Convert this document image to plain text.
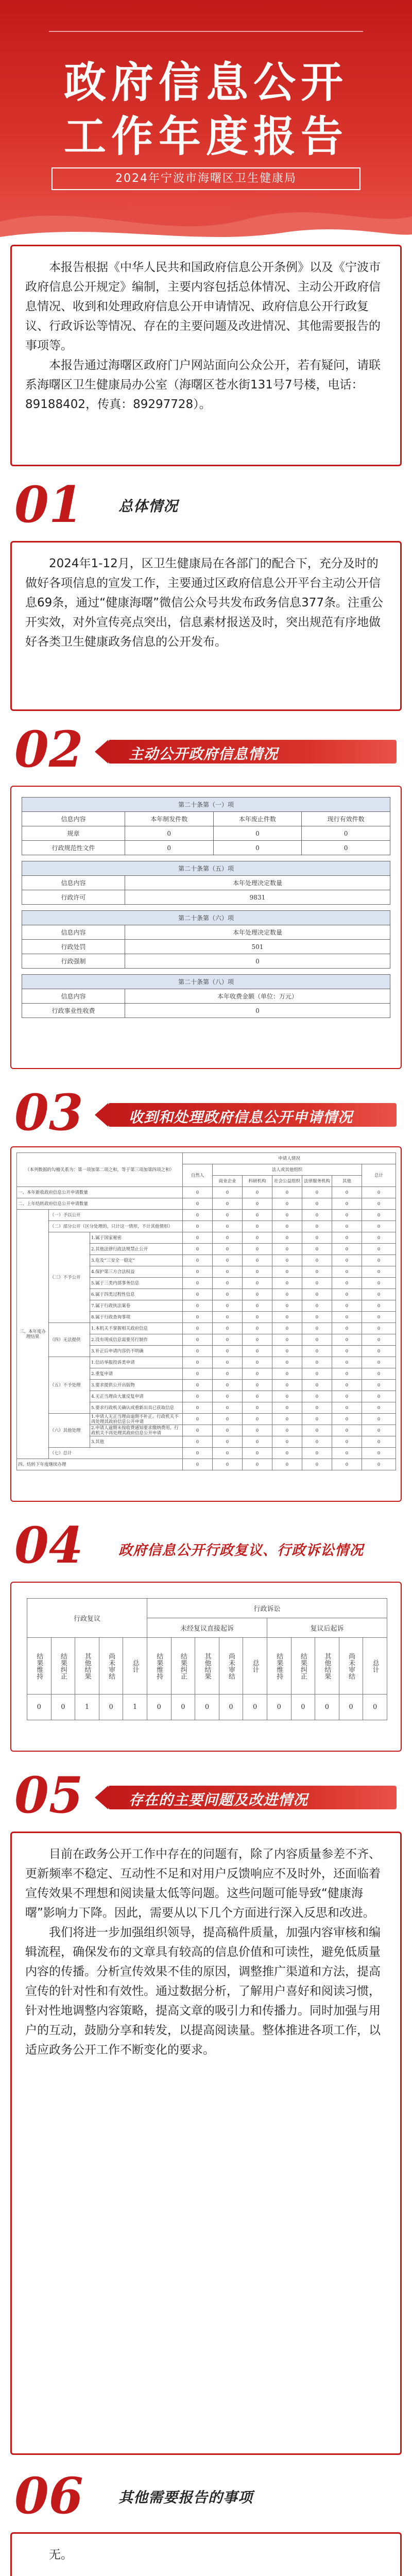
政府信息公开
工作年度报告
2024年宁波市海曙区卫生健康局

本报告根据《中华人民共和国政府信息公开条例》以及《宁波市政府信息公开规定》编制，主要内容包括总体情况、主动公开政府信息情况、收到和处理政府信息公开申请情况、政府信息公开行政复议、行政诉讼等情况、存在的主要问题及改进情况、其他需要报告的事项等。

本报告通过海曙区政府门户网站面向公众公开，若有疑问，请联系海曙区卫生健康局办公室（海曙区苍水街131号7号楼，电话：89188402，传真：89297728）。

01 总体情况

2024年1-12月，区卫生健康局在各部门的配合下，充分及时的做好各项信息的宣发工作，主要通过区政府信息公开平台主动公开信息69条，通过“健康海曙”微信公众号共发布政务信息377条。注重公开实效，对外宣传亮点突出，信息素材报送及时，突出规范有序地做好各类卫生健康政务信息的公开发布。

02	主动公开政府信息情况
第二十条第（一）项			
信息内容	本年制发件数	本年废止件数	现行有效件数
规章	0	0	0
行政规范性文件	0	0	0

第二十条第（五）项			
信息内容	本年处理决定数量		
行政许可	9831		

第二十条第（六）项			
信息内容	本年处理决定数量		
行政处罚	501		
行政强制	0		

第二十条第（八）项			
信息内容	本年收费金额（单位：万元）		
行政事业性收费	0		
03	收到和处理政府信息公开申请情况
（本列数据的勾稽关系为：第一项加第二项之和，等于第三项加第四项之和）			申请人情况						
			自然人	法人或其他组织					总计
				商业企业	科研机构	社会公益组织	法律服务机构	其他	
一、本年新收政府信息公开申请数量			0	0	0	0	0	0	0
二、上年结转政府信息公开申请数量			0	0	0	0	0	0	0
三、本年度办理结果	（一）予以公开		0	0	0	0	0	0	0
	（二）部分公开（区分处理的，只计这一情形，不计其他情形）		0	0	0	0	0	0	0
	（三）不予公开	1.属于国家秘密	0	0	0	0	0	0	0
		2.其他法律行政法规禁止公开	0	0	0	0	0	0	0
		3.危及“三安全一稳定”	0	0	0	0	0	0	0
		4.保护第三方合法权益	0	0	0	0	0	0	0
		5.属于三类内部事务信息	0	0	0	0	0	0	0
		6.属于四类过程性信息	0	0	0	0	0	0	0
		7.属于行政执法案卷	0	0	0	0	0	0	0
		8.属于行政查询事项	0	0	0	0	0	0	0
	（四）无法提供	1.本机关不掌握相关政府信息	0	0	0	0	0	0	0
		2.没有现成信息需要另行制作	0	0	0	0	0	0	0
		3.补正后申请内容仍不明确	0	0	0	0	0	0	0
	（五）不予处理	1.信访举报投诉类申请	0	0	0	0	0	0	0
		2.重复申请	0	0	0	0	0	0	0
		3.要求提供公开出版物	0	0	0	0	0	0	0
		4.无正当理由大量反复申请	0	0	0	0	0	0	0
		5.要求行政机关确认或重新出具已获取信息	0	0	0	0	0	0	0
	（六）其他处理	1.申请人无正当理由逾期不补正、行政机关不再处理其政府信息公开申请	0	0	0	0	0	0	0
		2.申请人逾期未按收费通知要求缴纳费用、行政机关不再处理其政府信息公开申请	0	0	0	0	0	0	0
		3.其他	0	0	0	0	0	0	0
	（七）总计		0	0	0	0	0	0	0
四、结转下年度继续办理			0	0	0	0	0	0	0
04	政府信息公开行政复议、行政诉讼情况
行政复议					行政诉讼									
					未经复议直接起诉					复议后起诉				

结果维持	结果纠正	其他结果	尚未审结	总计	结果维持	结果纠正	其他结果	尚未审结	总计	结果维持	结果纠正	其他结果	尚未审结	总计

0	0	1	0	1	0	0	0	0	0	0	0	0	0	0
05	存在的主要问题及改进情况

目前在政务公开工作中存在的问题有，除了内容质量参差不齐、更新频率不稳定、互动性不足和对用户反馈响应不及时外，还面临着宣传效果不理想和阅读量太低等问题。这些问题可能导致“健康海曙”影响力下降。因此，需要从以下几个方面进行深入反思和改进。

我们将进一步加强组织领导，提高稿件质量，加强内容审核和编辑流程，确保发布的文章具有较高的信息价值和可读性，避免低质量内容的传播。分析宣传效果不佳的原因，调整推广渠道和方法，提高宣传的针对性和有效性。通过数据分析，了解用户喜好和阅读习惯，针对性地调整内容策略，提高文章的吸引力和传播力。同时加强与用户的互动，鼓励分享和转发，以提高阅读量。整体推进各项工作，以适应政务公开工作不断变化的要求。

06 其他需要报告的事项

无。
